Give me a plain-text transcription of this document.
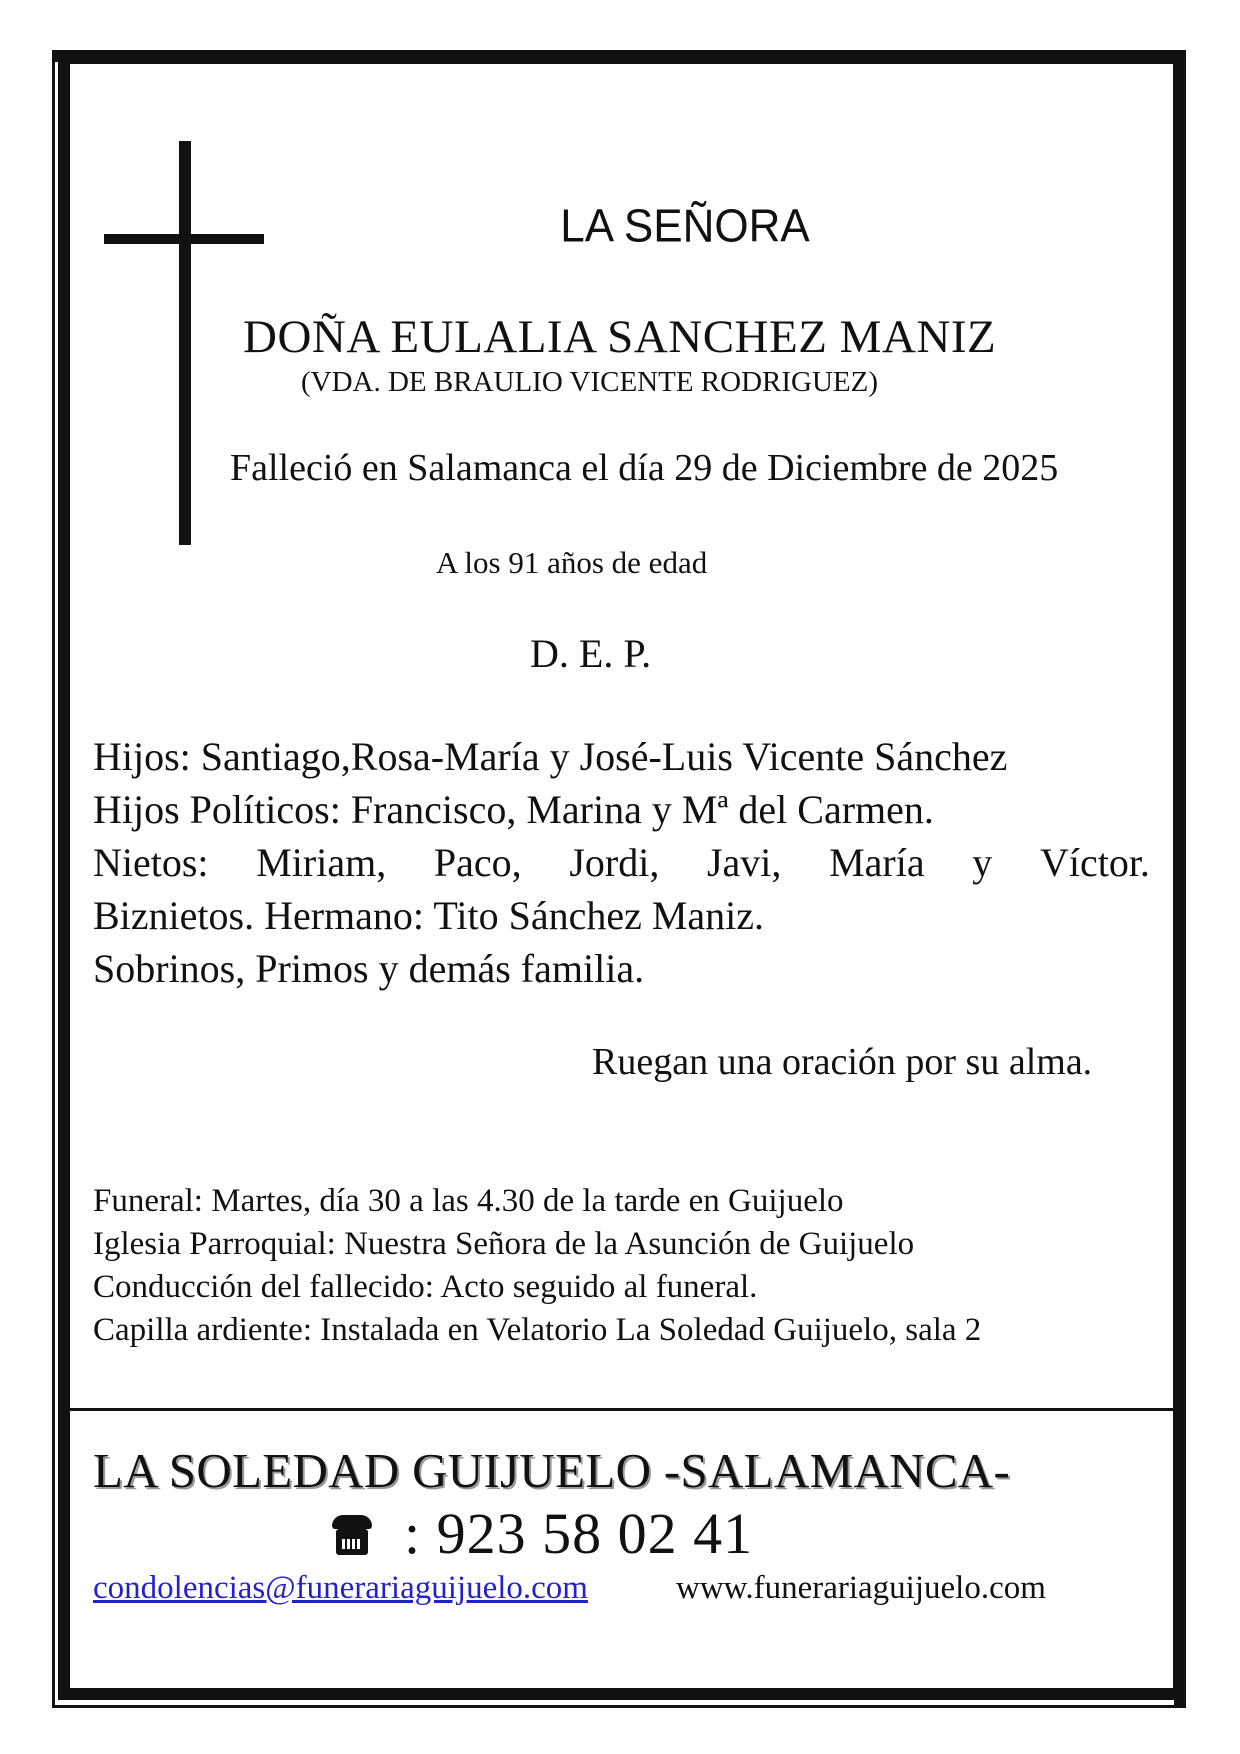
LA SEÑORA
DOÑA EULALIA SANCHEZ MANIZ
(VDA. DE BRAULIO VICENTE RODRIGUEZ)
Falleció en Salamanca el día 29 de Diciembre de 2025
A los 91 años de edad
D. E. P.
Hijos: Santiago,Rosa-María y José-Luis Vicente Sánchez
Hijos Políticos: Francisco, Marina y Mª del Carmen.
Nietos: Miriam, Paco, Jordi, Javi, María y Víctor.
Biznietos. Hermano: Tito Sánchez Maniz.
Sobrinos, Primos y demás familia.
Ruegan una oración por su alma.
Funeral: Martes, día 30 a las 4.30 de la tarde en Guijuelo
Iglesia Parroquial: Nuestra Señora de la Asunción de Guijuelo
Conducción del fallecido: Acto seguido al funeral.
Capilla ardiente: Instalada en Velatorio La Soledad Guijuelo, sala 2
LA SOLEDAD GUIJUELO -SALAMANCA-
: 923 58 02 41
condolencias@funerariaguijuelo.com	www.funerariaguijuelo.com
